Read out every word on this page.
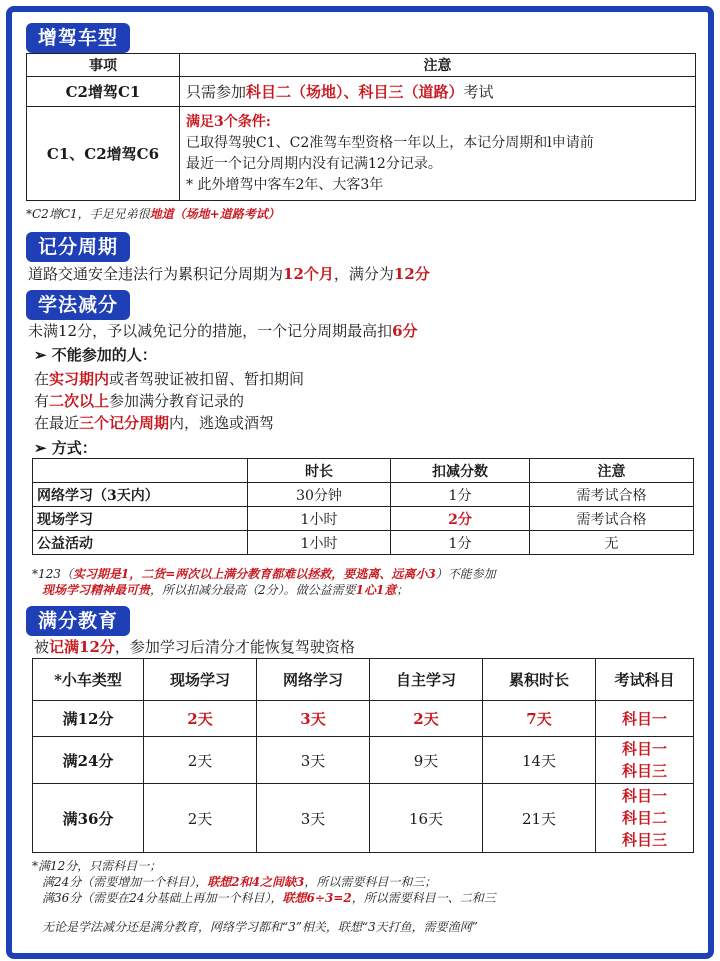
增驾车型
事项	注意
C2增驾C1	只需参加科目二（场地）、科目三（道路）考试
C1、C2增驾C6	满足3个条件:
已取得驾驶C1、C2准驾车型资格一年以上，本记分周期和l申请前
最近一个记分周期内没有记满12分记录。
* 此外增驾中客车2年、大客3年
*C2增C1，手足兄弟很地道（场地+道路考试）
记分周期
道路交通安全违法行为累积记分周期为12个月，满分为12分
学法减分
未满12分，予以减免记分的措施，一个记分周期最高扣6分
➢ 不能参加的人：
在实习期内或者驾驶证被扣留、暂扣期间
有二次以上参加满分教育记录的
在最近三个记分周期内，逃逸或酒驾
➢ 方式：
	时长	扣减分数	注意
网络学习（3天内）	30分钟	1分	需考试合格
现场学习	1小时	2分	需考试合格
公益活动	1小时	1分	无
*123（实习期是1，二货=两次以上满分教育都难以拯救，要逃离、远离小3）不能参加
现场学习精神最可贵，所以扣减分最高（2分）。做公益需要1心1意；
满分教育
被记满12分，参加学习后清分才能恢复驾驶资格
*小车类型	现场学习	网络学习	自主学习	累积时长	考试科目
满12分	2天	3天	2天	7天	科目一

满24分	2天	3天	9天	14天	科目一
科目三

满36分	2天	3天	16天	21天	科目一
科目二
科目三
*满12分，只需科目一；
满24分（需要增加一个科目），联想2和4之间缺3，所以需要科目一和三；
满36分（需要在24分基础上再加一个科目），联想6÷3=2，所以需要科目一、二和三
无论是学法减分还是满分教育，网络学习都和“3”相关，联想“3天打鱼，需要渔网”
